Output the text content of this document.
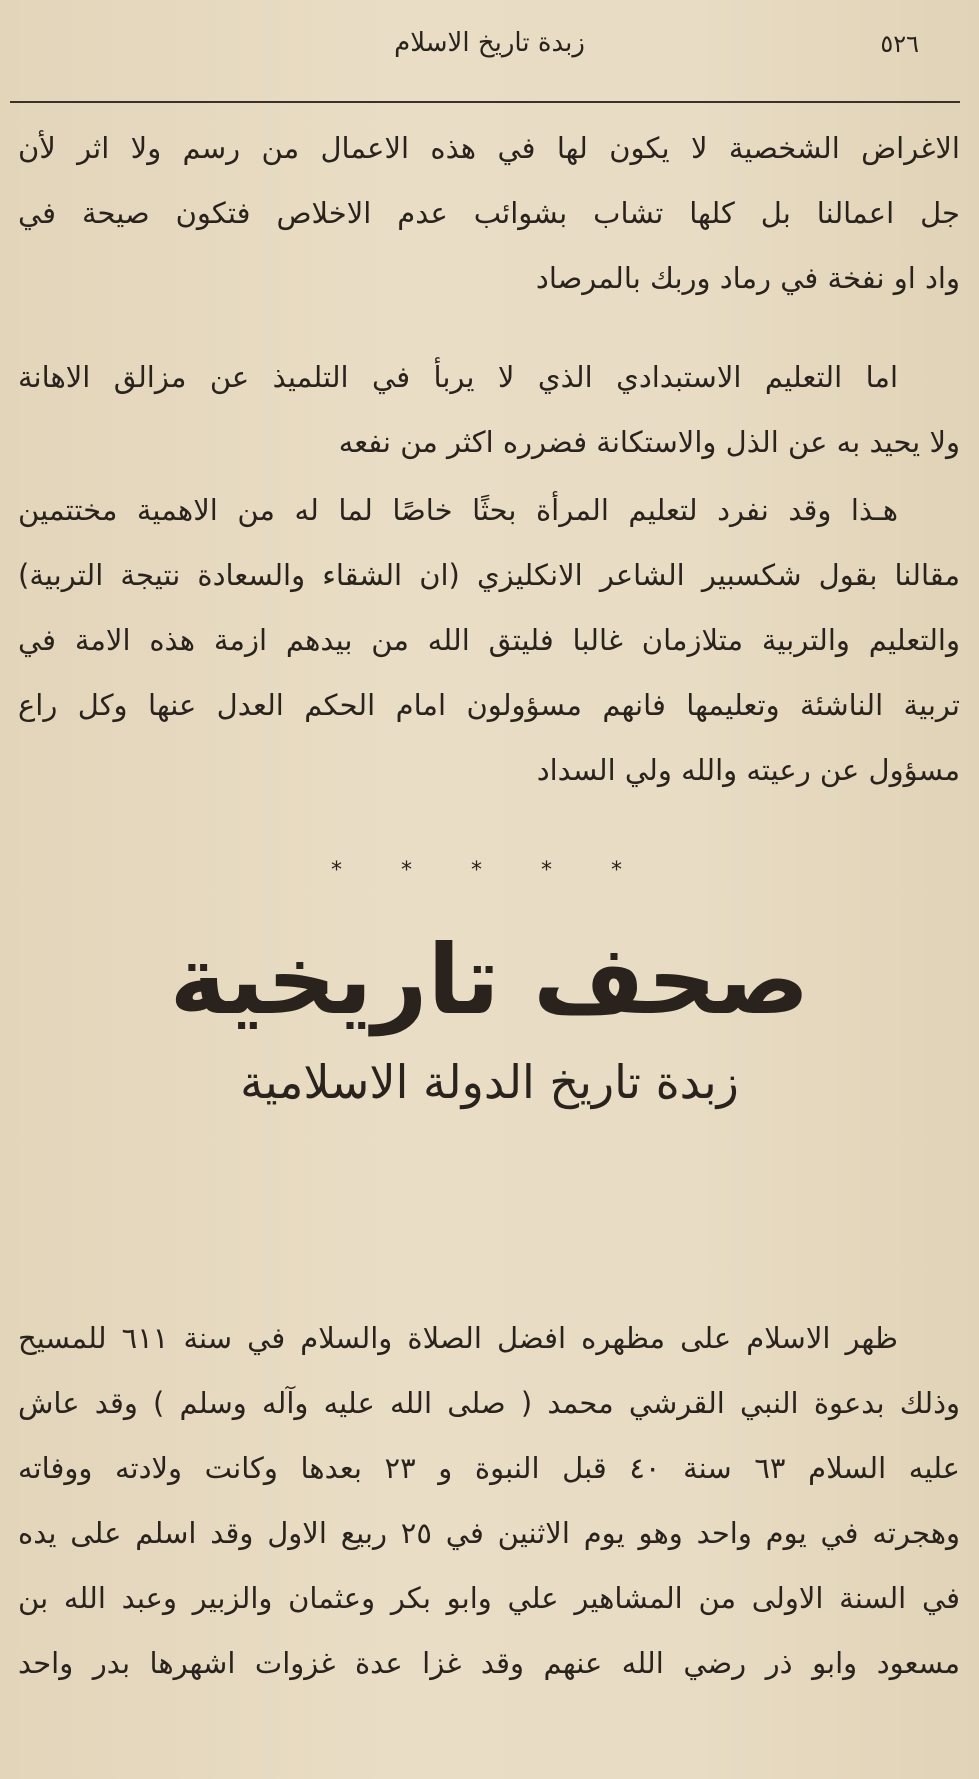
زبدة تاريخ الاسلام	٥٢٦
الاغراض الشخصية لا يكون لها في هذه الاعمال من رسم ولا اثر لأن
جل اعمالنا بل كلها تشاب بشوائب عدم الاخلاص فتكون صيحة في
واد او نفخة في رماد وربك بالمرصاد
اما التعليم الاستبدادي الذي لا يربأ في التلميذ عن مزالق الاهانة
ولا يحيد به عن الذل والاستكانة فضرره اكثر من نفعه
هـذا وقد نفرد لتعليم المرأة بحثًا خاصًا لما له من الاهمية مختتمين
مقالنا بقول شكسبير الشاعر الانكليزي (ان الشقاء والسعادة نتيجة التربية)
والتعليم والتربية متلازمان غالبا فليتق الله من بيدهم ازمة هذه الامة في
تربية الناشئة وتعليمها فانهم مسؤولون امام الحكم العدل عنها وكل راع
مسؤول عن رعيته والله ولي السداد
* * * * *
صحف تاريخية
زبدة تاريخ الدولة الاسلامية
ظهر الاسلام على مظهره افضل الصلاة والسلام في سنة ٦١١ للمسيح
وذلك بدعوة النبي القرشي محمد ( صلى الله عليه وآله وسلم ) وقد عاش
عليه السلام ٦٣ سنة ٤٠ قبل النبوة و ٢٣ بعدها وكانت ولادته ووفاته
وهجرته في يوم واحد وهو يوم الاثنين في ٢٥ ربيع الاول وقد اسلم على يده
في السنة الاولى من المشاهير علي وابو بكر وعثمان والزبير وعبد الله بن
مسعود وابو ذر رضي الله عنهم وقد غزا عدة غزوات اشهرها بدر واحد
